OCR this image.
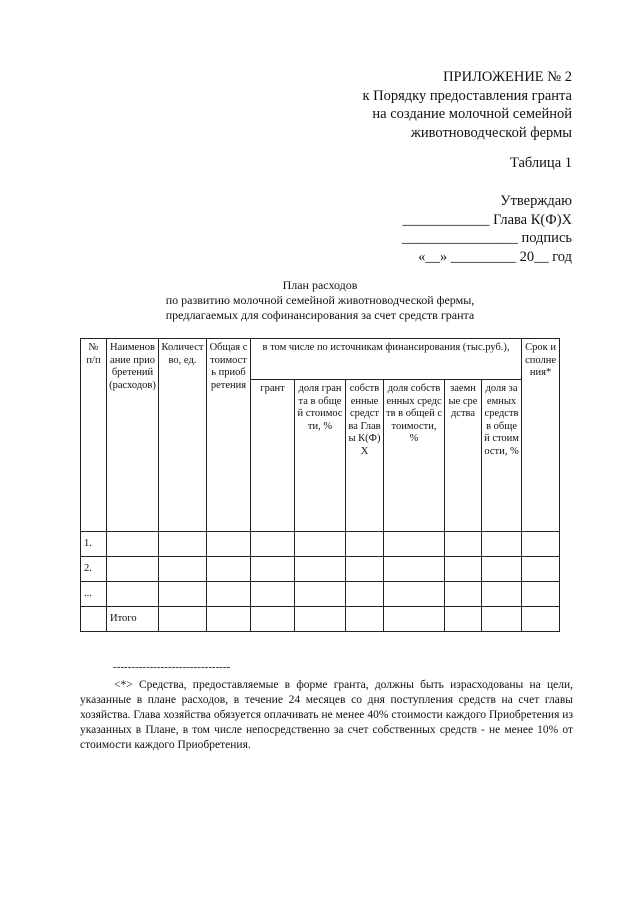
ПРИЛОЖЕНИЕ № 2
к Порядку предоставления гранта
на создание молочной семейной
животноводческой фермы
Таблица 1
Утверждаю
____________ Глава К(Ф)Х
________________ подпись
«__» _________ 20__ год
План расходов
по развитию молочной семейной животноводческой фермы,
предлагаемых для софинансирования за счет средств гранта
№ п/п	Наименование приобретений (расходов)	Количество, ед.	Общая стоимость приобретения	в том числе по источникам финансирования (тыс.руб.),						Срок исполнения*
				грант	доля гранта в общей стоимости, %	собственные средства Главы К(Ф)Х	доля собственных средств в общей стоимости, %	заемные средства	доля заемных средств в общей стоимости, %	
1.										
2.										
...										
	Итого									
--------------------------------
<*> Средства, предоставляемые в форме гранта, должны быть израсходованы на цели, указанные в плане расходов, в течение 24 месяцев со дня поступления средств на счет главы хозяйства. Глава хозяйства обязуется оплачивать не менее 40% стоимости каждого Приобретения из указанных в Плане, в том числе непосредственно за счет собственных средств - не менее 10% от стоимости каждого Приобретения.
